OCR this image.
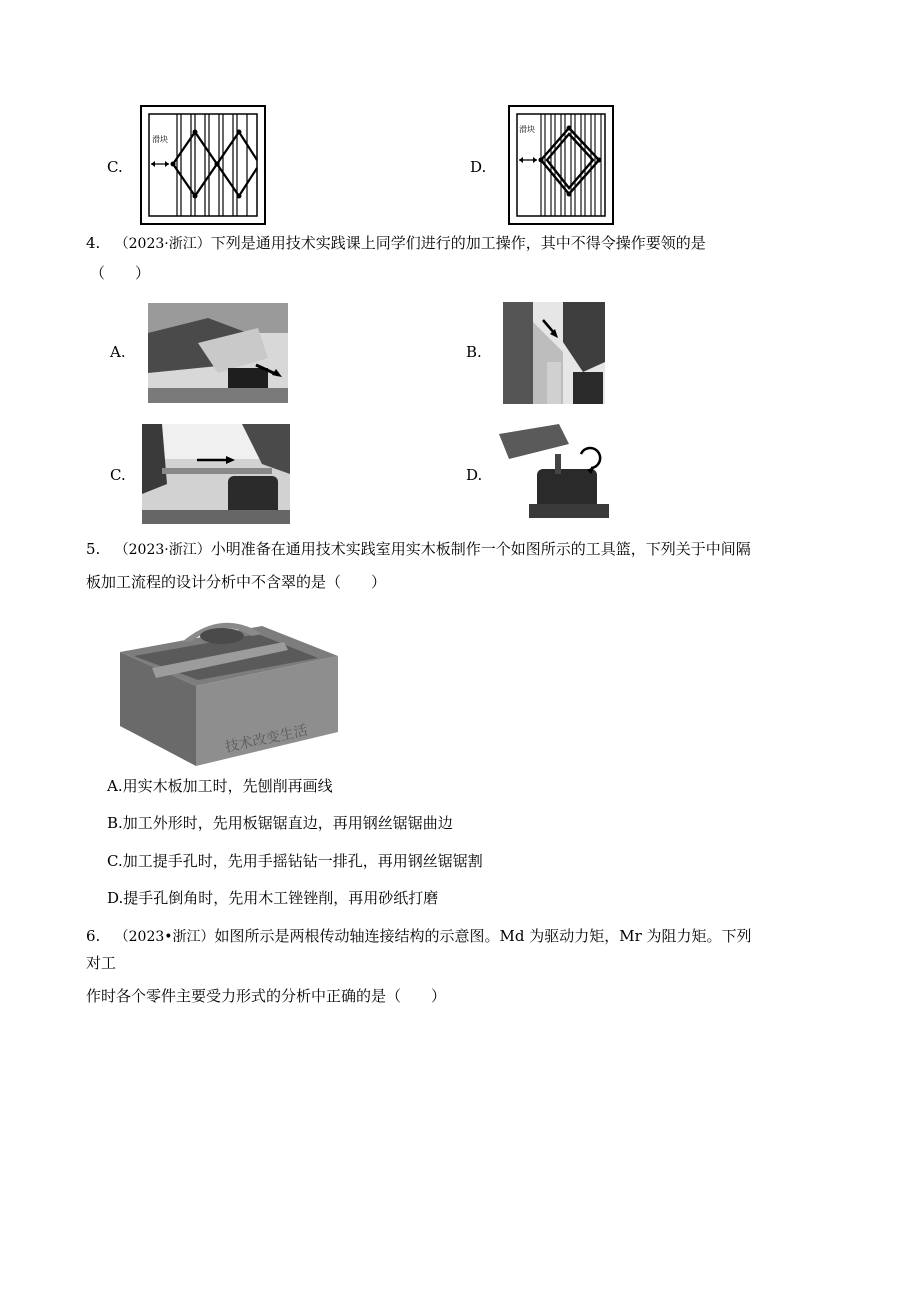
C.
滑块
D.
滑块
4. （2023·浙江）下列是通用技术实践课上同学们进行的加工操作，其中不得令操作要领的是
（　　）
A.	B.
C.	D.
5. （2023·浙江）小明准备在通用技术实践室用实木板制作一个如图所示的工具篮，下列关于中间隔
板加工流程的设计分析中不含翠的是（　　）
技术改变生活
A.用实木板加工时，先刨削再画线
B.加工外形时，先用板锯锯直边，再用钢丝锯锯曲边
C.加工提手孔时，先用手摇钻钻一排孔，再用钢丝锯锯割
D.提手孔倒角时，先用木工锉锉削，再用砂纸打磨
6. （2023•浙江）如图所示是两根传动轴连接结构的示意图。Md 为驱动力矩，Mr 为阻力矩。下列
对工
作时各个零件主要受力形式的分析中正确的是（　　）
